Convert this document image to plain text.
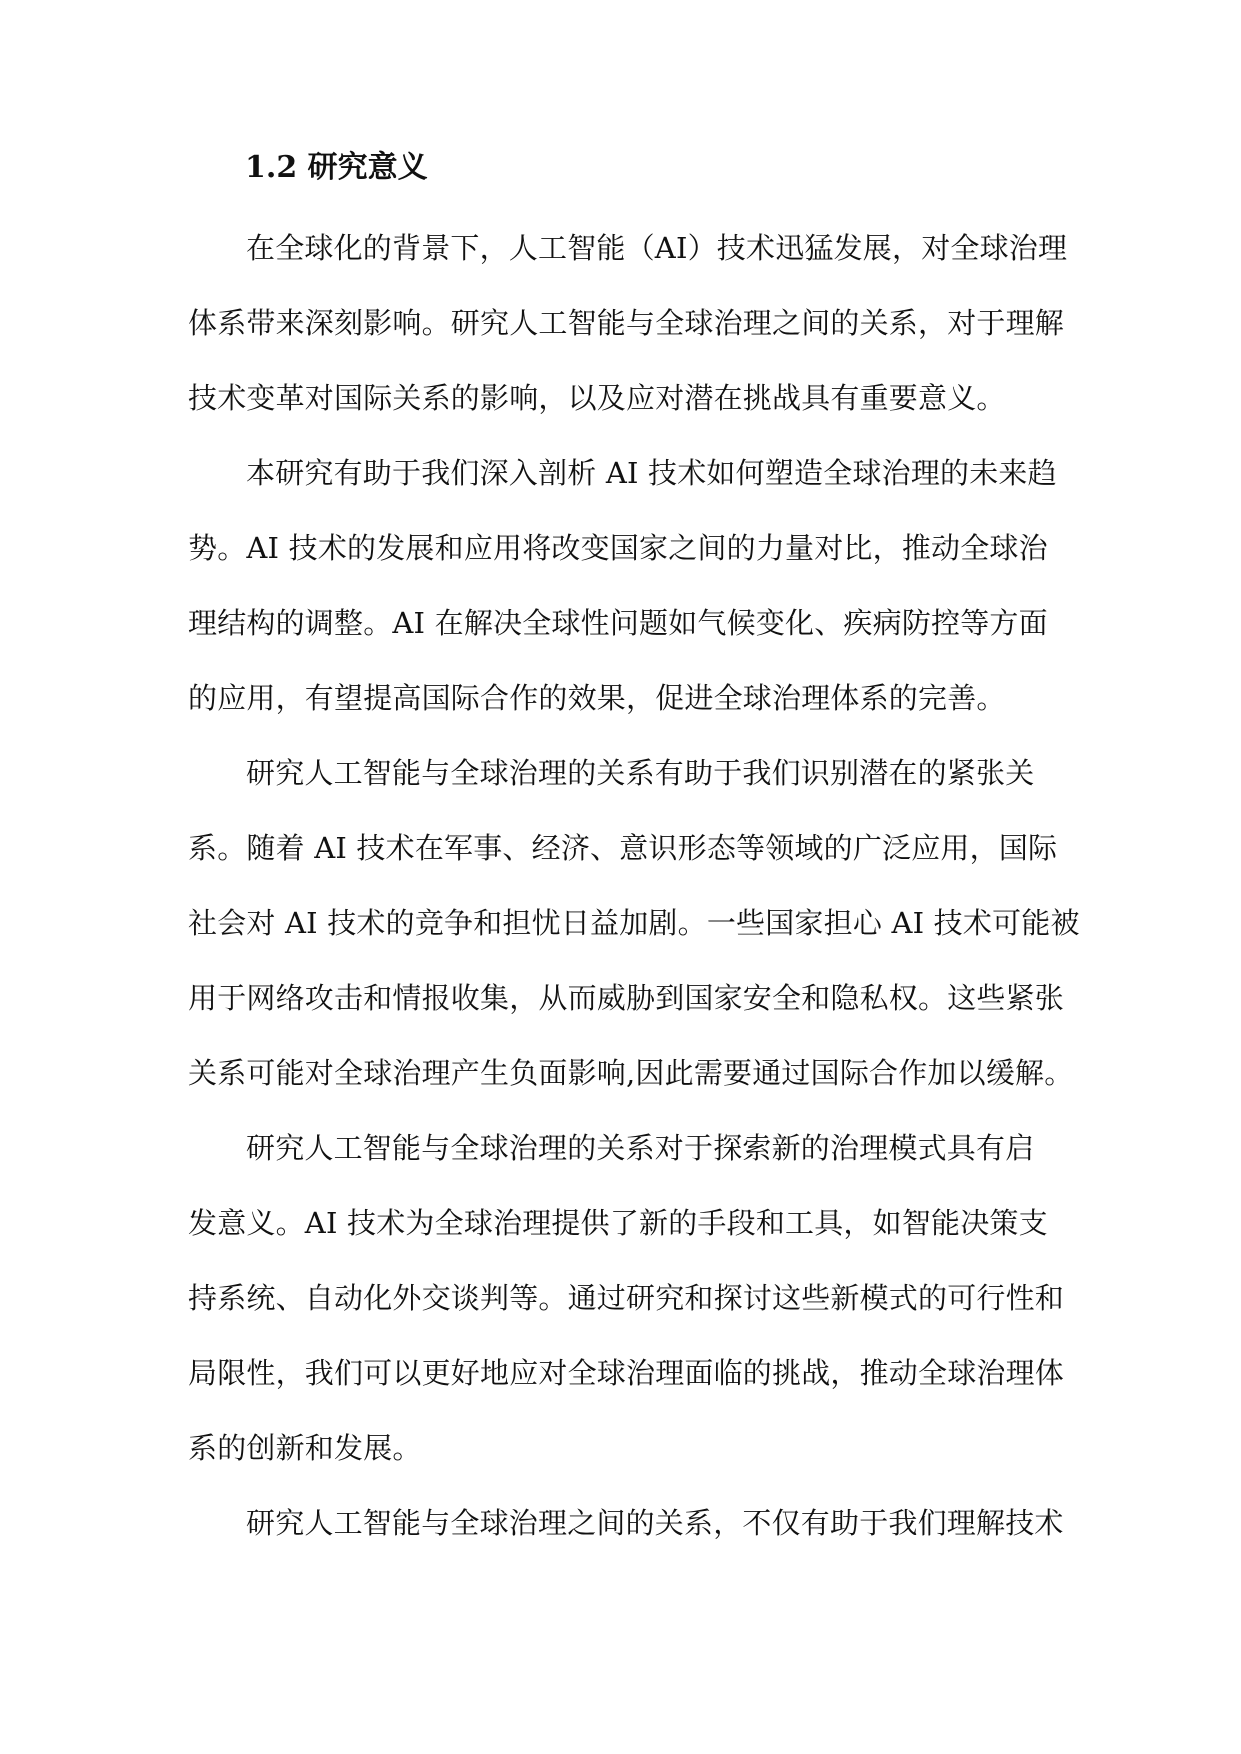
1.2 研究意义

在全球化的背景下，人工智能（AI）技术迅猛发展，对全球治理

体系带来深刻影响。研究人工智能与全球治理之间的关系，对于理解

技术变革对国际关系的影响，以及应对潜在挑战具有重要意义。

本研究有助于我们深入剖析 AI 技术如何塑造全球治理的未来趋

势。AI 技术的发展和应用将改变国家之间的力量对比，推动全球治

理结构的调整。AI 在解决全球性问题如气候变化、疾病防控等方面

的应用，有望提高国际合作的效果，促进全球治理体系的完善。

研究人工智能与全球治理的关系有助于我们识别潜在的紧张关

系。随着 AI 技术在军事、经济、意识形态等领域的广泛应用，国际

社会对 AI 技术的竞争和担忧日益加剧。一些国家担心 AI 技术可能被

用于网络攻击和情报收集，从而威胁到国家安全和隐私权。这些紧张

关系可能对全球治理产生负面影响,因此需要通过国际合作加以缓解。

研究人工智能与全球治理的关系对于探索新的治理模式具有启

发意义。AI 技术为全球治理提供了新的手段和工具，如智能决策支

持系统、自动化外交谈判等。通过研究和探讨这些新模式的可行性和

局限性，我们可以更好地应对全球治理面临的挑战，推动全球治理体

系的创新和发展。

研究人工智能与全球治理之间的关系，不仅有助于我们理解技术
